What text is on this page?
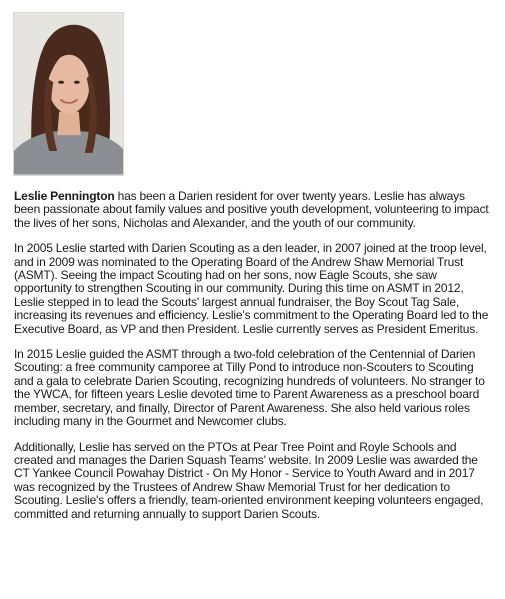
Leslie Pennington has been a Darien resident for over twenty years. Leslie has always been passionate about family values and positive youth development, volunteering to impact the lives of her sons, Nicholas and Alexander, and the youth of our community.

In 2005 Leslie started with Darien Scouting as a den leader, in 2007 joined at the troop level, and in 2009 was nominated to the Operating Board of the Andrew Shaw Memorial Trust (ASMT). Seeing the impact Scouting had on her sons, now Eagle Scouts, she saw opportunity to strengthen Scouting in our community. During this time on ASMT in 2012, Leslie stepped in to lead the Scouts' largest annual fundraiser, the Boy Scout Tag Sale, increasing its revenues and efficiency. Leslie's commitment to the Operating Board led to the Executive Board, as VP and then President. Leslie currently serves as President Emeritus.

In 2015 Leslie guided the ASMT through a two-fold celebration of the Centennial of Darien Scouting: a free community camporee at Tilly Pond to introduce non-Scouters to Scouting and a gala to celebrate Darien Scouting, recognizing hundreds of volunteers. No stranger to the YWCA, for fifteen years Leslie devoted time to Parent Awareness as a preschool board member, secretary, and finally, Director of Parent Awareness. She also held various roles including many in the Gourmet and Newcomer clubs.

Additionally, Leslie has served on the PTOs at Pear Tree Point and Royle Schools and created and manages the Darien Squash Teams' website. In 2009 Leslie was awarded the CT Yankee Council Powahay District - On My Honor - Service to Youth Award and in 2017 was recognized by the Trustees of Andrew Shaw Memorial Trust for her dedication to Scouting. Leslie's offers a friendly, team-oriented environment keeping volunteers engaged, committed and returning annually to support Darien Scouts.
